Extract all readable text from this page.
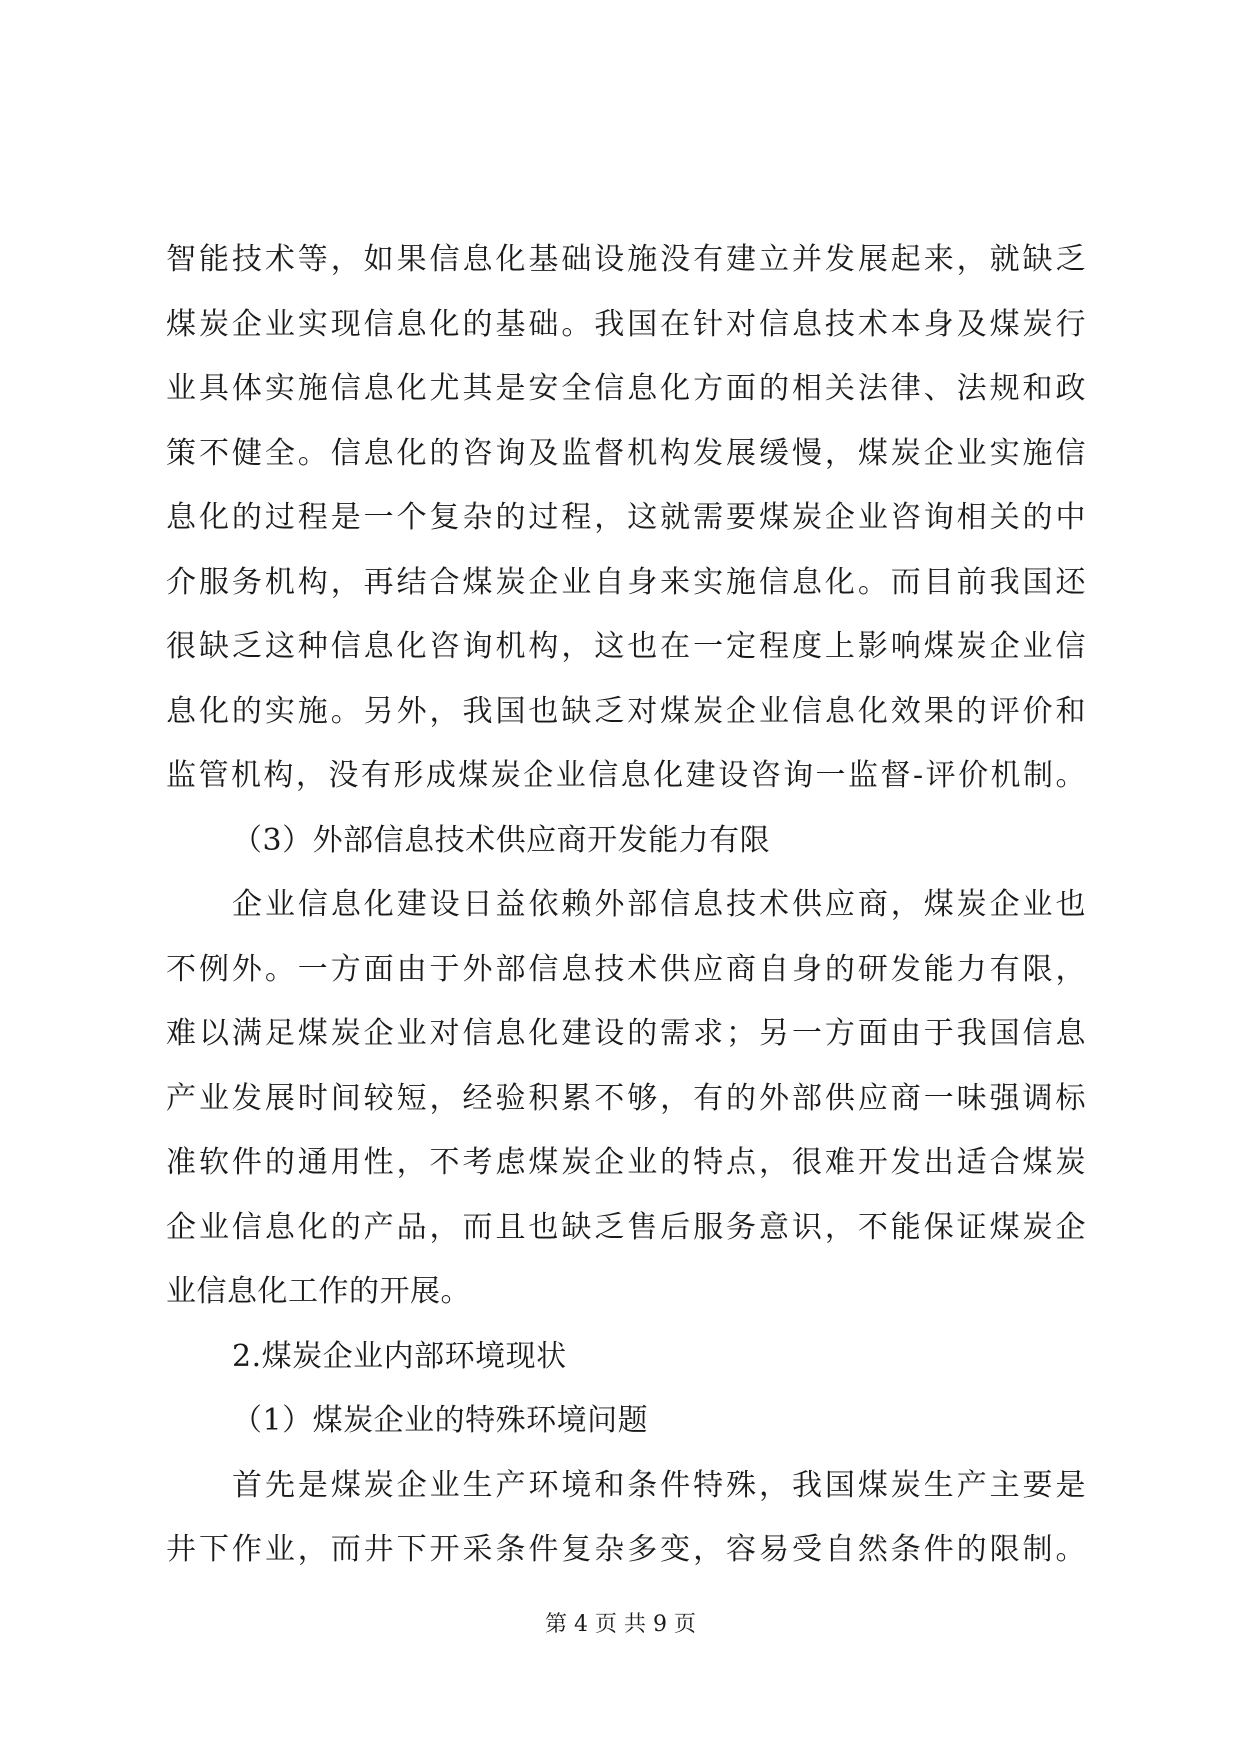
智能技术等，如果信息化基础设施没有建立并发展起来，就缺乏
煤炭企业实现信息化的基础。我国在针对信息技术本身及煤炭行
业具体实施信息化尤其是安全信息化方面的相关法律、法规和政
策不健全。信息化的咨询及监督机构发展缓慢，煤炭企业实施信
息化的过程是一个复杂的过程，这就需要煤炭企业咨询相关的中
介服务机构，再结合煤炭企业自身来实施信息化。而目前我国还
很缺乏这种信息化咨询机构，这也在一定程度上影响煤炭企业信
息化的实施。另外，我国也缺乏对煤炭企业信息化效果的评价和
监管机构，没有形成煤炭企业信息化建设咨询一监督-评价机制。
（3）外部信息技术供应商开发能力有限
企业信息化建设日益依赖外部信息技术供应商，煤炭企业也
不例外。一方面由于外部信息技术供应商自身的研发能力有限，
难以满足煤炭企业对信息化建设的需求；另一方面由于我国信息
产业发展时间较短，经验积累不够，有的外部供应商一味强调标
准软件的通用性，不考虑煤炭企业的特点，很难开发出适合煤炭
企业信息化的产品，而且也缺乏售后服务意识，不能保证煤炭企
业信息化工作的开展。
2.煤炭企业内部环境现状
（1）煤炭企业的特殊环境问题
首先是煤炭企业生产环境和条件特殊，我国煤炭生产主要是
井下作业，而井下开采条件复杂多变，容易受自然条件的限制。
第 4 页 共 9 页
